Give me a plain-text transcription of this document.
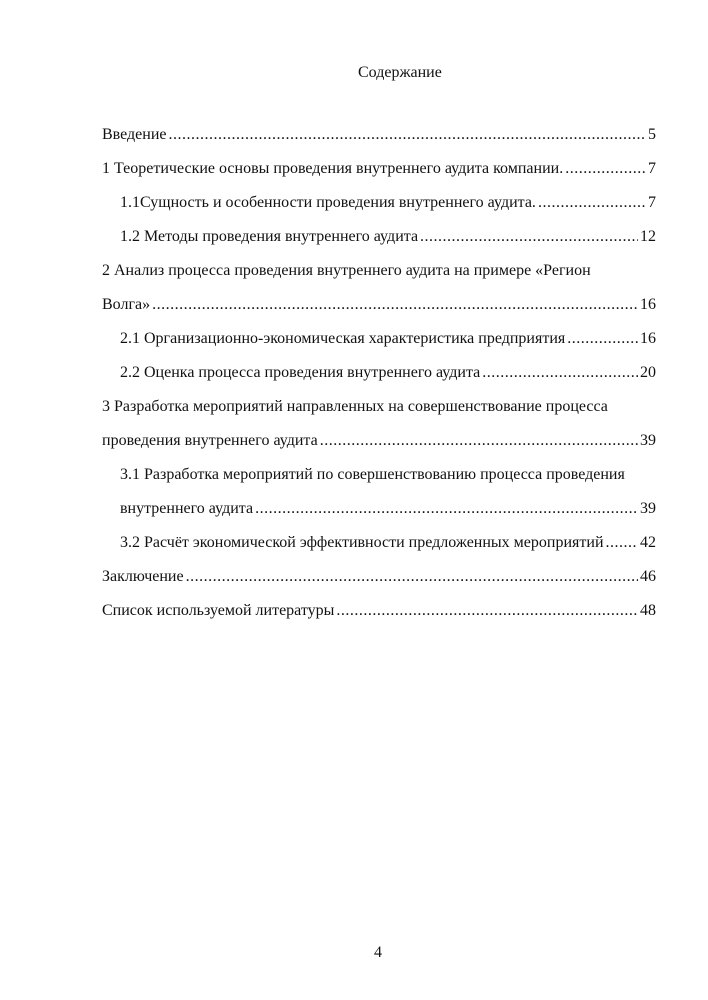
Содержание
Введение .....	5
1 Теоретические основы проведения внутреннего аудита компании. .....	7
1.1Сущность и особенности проведения внутреннего аудита. .....	7
1.2 Методы проведения внутреннего аудита .....	12
2 Анализ процесса проведения внутреннего аудита на примере «Регион
Волга» .....	16
2.1 Организационно-экономическая характеристика предприятия .....	16
2.2 Оценка процесса проведения внутреннего аудита .....	20
3 Разработка мероприятий направленных на совершенствование процесса
проведения внутреннего аудита .....	39
3.1 Разработка мероприятий по совершенствованию процесса проведения
внутреннего аудита .....	39
3.2 Расчёт экономической эффективности предложенных мероприятий ..... 42
Заключение .....	46
Список используемой литературы .....	48
4
